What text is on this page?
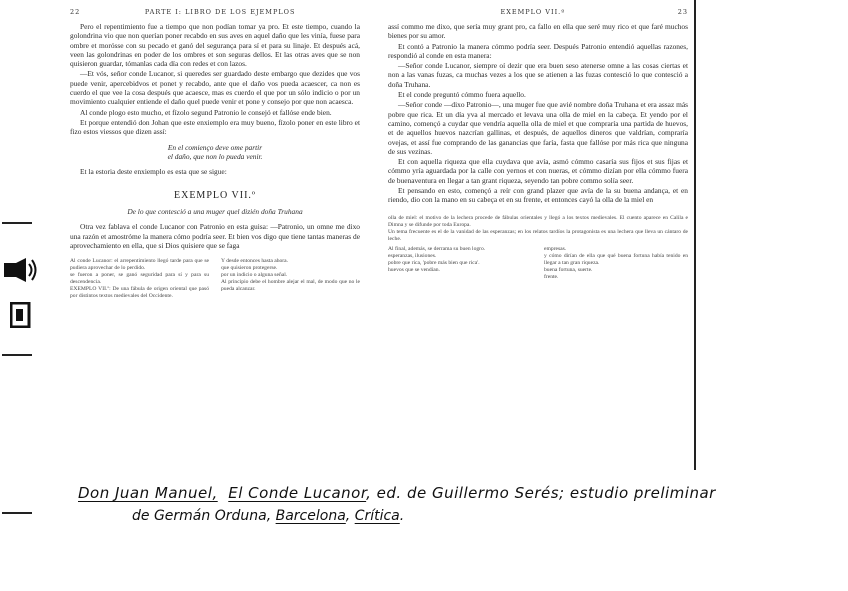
22	PARTE I: LIBRO DE LOS EJEMPLOS

Pero el repentimiento fue a tiempo que non podían tomar ya pro. Et este tiempo, cuando la golondrina vio que non querían poner recabdo en sus aves en aquel daño que les vinía, fuese para ombre et morósse con su pecado et ganó del segurança para sí et para su linaje. Et después acá, veen las golondrinas en poder de los ombres et son seguras dellos. Et las otras aves que se non quisieron guardar, tómanlas cada día con redes et con lazos.

—Et vós, señor conde Lucanor, si queredes ser guardado deste embargo que dezides que vos puede venir, apercebidvos et ponet y recabdo, ante que el daño vos pueda acaescer, ca non es cuerdo el que vee la cosa después que acaesce, mas es cuerdo el que por un sólo indicio o por un movimiento cualquier entiende el daño quel puede venir et pone y consejo por que non acaesca.

Al conde plogo esto mucho, et fízolo segund Patronio le consejó et fallóse ende bien.

Et porque entendió don Johan que este enxiemplo era muy bueno, fízolo poner en este libro et fizo estos viessos que dizen assí:

En el comienço deve ome partir
el daño, que non lo pueda venir.

Et la estoria deste enxiemplo es esta que se sigue:

EXEMPLO VII.º
De lo que contesció a una muger quel dizién doña Truhana

Otra vez fablava el conde Lucanor con Patronio en esta guisa: —Patronio, un omne me dixo una razón et amostróme la manera cómo podría seer. Et bien vos digo que tiene tantas maneras de aprovechamiento en ella, que si Dios quisiere que se faga

Al conde Lucanor: el arrepentimiento llegó tarde para que se pudiera aprovechar de lo perdido.

se fueron a poner, se ganó seguridad para sí y para su descendencia.

EXEMPLO VII.º: De una fábula de origen oriental que pasó por distintos textos medievales del Occidente.

Y desde entonces hasta ahora.

que quisieron protegerse.

por un indicio o alguna señal.

Al principio debe el hombre alejar el mal, de modo que no le pueda alcanzar.

EXEMPLO VII.º	23

assí commo me dixo, que sería muy grant pro, ca fallo en ella que seré muy rico et que faré muchos bienes por su amor.

Et contó a Patronio la manera cómmo podría seer. Después Patronio entendió aquellas razones, respondió al conde en esta manera:

—Señor conde Lucanor, siempre oí dezir que era buen seso atenerse omne a las cosas ciertas et non a las vanas fuzas, ca muchas vezes a los que se atienen a las fuzas contesció lo que contesció a doña Truhana.

Et el conde preguntó cómmo fuera aquello.

—Señor conde —dixo Patronio—, una muger fue que avié nombre doña Truhana et era assaz más pobre que rica. Et un día yva al mercado et levava una olla de miel en la cabeça. Et yendo por el camino, començó a cuydar que vendría aquella olla de miel et que compraría una partida de huevos, et de aquellos huevos nazcrían gallinas, et después, de aquellos dineros que valdrían, compraría ovejas, et assí fue comprando de las ganancias que faría, fasta que fallóse por más rica que ninguna de sus vezinas.

Et con aquella riqueza que ella cuydava que avía, asmó cómmo casaría sus fijos et sus fijas et cómmo yría aguardada por la calle con yernos et con nueras, et cómmo dizían por ella cómmo fuera de buenaventura en llegar a tan grant riqueza, seyendo tan pobre commo solía seer.

Et pensando en esto, començó a reír con grand plazer que avía de la su buena andança, et en riendo, dio con la mano en su cabeça et en su frente, et entonces cayó la olla de la miel en

olla de miel: el motivo de la lechera procede de fábulas orientales y llegó a los textos medievales. El cuento aparece en Calila e Dimna y se difunde por toda Europa.

Un tema frecuente es el de la vanidad de las esperanzas; en los relatos tardíos la protagonista es una lechera que lleva un cántaro de leche.

Al final, además, se derrama su buen logro.

esperanzas, ilusiones.

pobre que rica, 'pobre más bien que rica'.

huevos que se vendían.

empresas.

y cómo dirían de ella que qué buena fortuna había tenido en llegar a tan gran riqueza.

buena fortuna, suerte.

frente.

Don Juan Manuel, El Conde Lucanor, ed. de Guillermo Serés; estudio preliminar
de Germán Orduna, Barcelona, Crítica.
